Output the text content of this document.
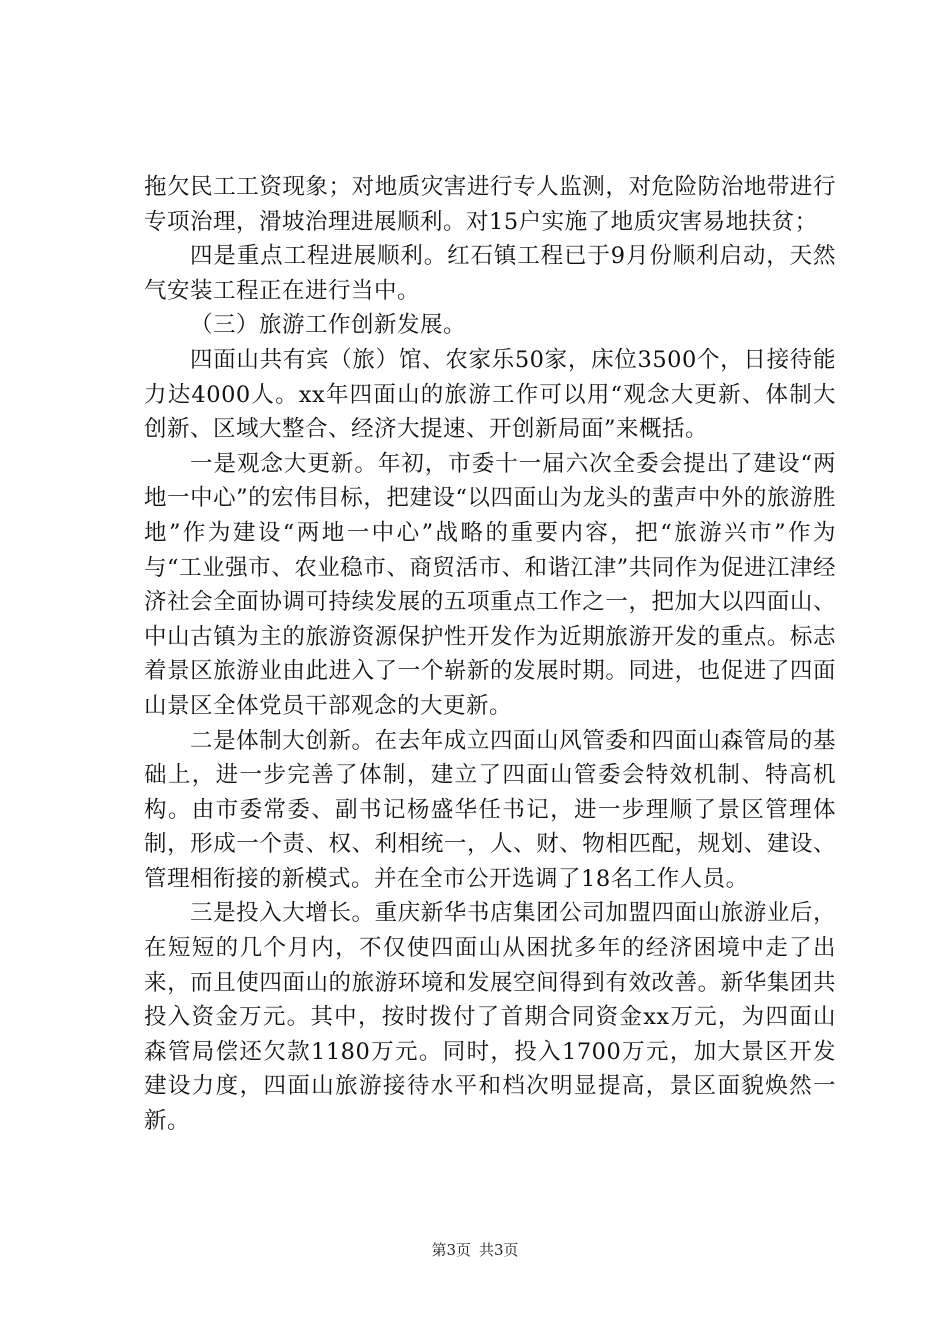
拖欠民工工资现象；对地质灾害进行专人监测，对危险防治地带进行专项治理，滑坡治理进展顺利。对15户实施了地质灾害易地扶贫；

四是重点工程进展顺利。红石镇工程已于9月份顺利启动，天然气安装工程正在进行当中。

（三）旅游工作创新发展。

四面山共有宾（旅）馆、农家乐50家，床位3500个，日接待能力达4000人。xx年四面山的旅游工作可以用“观念大更新、体制大创新、区域大整合、经济大提速、开创新局面”来概括。

一是观念大更新。年初，市委十一届六次全委会提出了建设“两地一中心”的宏伟目标，把建设“以四面山为龙头的蜚声中外的旅游胜地”作为建设“两地一中心”战略的重要内容，把“旅游兴市”作为与“工业强市、农业稳市、商贸活市、和谐江津”共同作为促进江津经济社会全面协调可持续发展的五项重点工作之一，把加大以四面山、中山古镇为主的旅游资源保护性开发作为近期旅游开发的重点。标志着景区旅游业由此进入了一个崭新的发展时期。同进，也促进了四面山景区全体党员干部观念的大更新。

二是体制大创新。在去年成立四面山风管委和四面山森管局的基础上，进一步完善了体制，建立了四面山管委会特效机制、特高机构。由市委常委、副书记杨盛华任书记，进一步理顺了景区管理体制，形成一个责、权、利相统一，人、财、物相匹配，规划、建设、管理相衔接的新模式。并在全市公开选调了18名工作人员。

三是投入大增长。重庆新华书店集团公司加盟四面山旅游业后，在短短的几个月内，不仅使四面山从困扰多年的经济困境中走了出来，而且使四面山的旅游环境和发展空间得到有效改善。新华集团共投入资金万元。其中，按时拨付了首期合同资金xx万元，为四面山森管局偿还欠款1180万元。同时，投入1700万元，加大景区开发建设力度，四面山旅游接待水平和档次明显提高，景区面貌焕然一新。

第3页 共3页
